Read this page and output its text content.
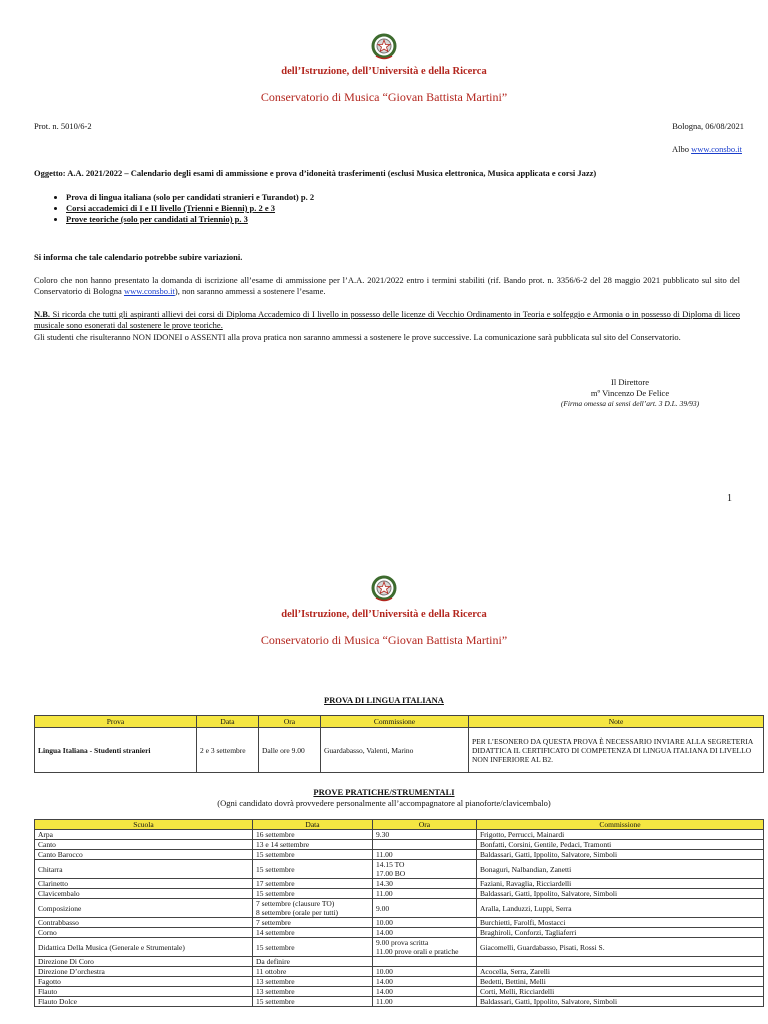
dell’Istruzione, dell’Università e della Ricerca
Conservatorio di Musica “Giovan Battista Martini”
Prot. n. 5010/6-2	Bologna, 06/08/2021
Albo www.consbo.it
Oggetto: A.A. 2021/2022 – Calendario degli esami di ammissione e prova d’idoneità trasferimenti (esclusi Musica elettronica, Musica applicata e corsi Jazz)
• Prova di lingua italiana (solo per candidati stranieri e Turandot) p. 2
• Corsi accademici di I e II livello (Trienni e Bienni) p. 2 e 3
• Prove teoriche (solo per candidati al Triennio) p. 3
Si informa che tale calendario potrebbe subire variazioni.
Coloro che non hanno presentato la domanda di iscrizione all’esame di ammissione per l’A.A. 2021/2022 entro i termini stabiliti (rif. Bando prot. n. 3356/6-2 del 28 maggio 2021 pubblicato sul sito del Conservatorio di Bologna www.consbo.it), non saranno ammessi a sostenere l’esame.
N.B. Si ricorda che tutti gli aspiranti allievi dei corsi di Diploma Accademico di I livello in possesso delle licenze di Vecchio Ordinamento in Teoria e solfeggio e Armonia o in possesso di Diploma di liceo musicale sono esonerati dal sostenere le prove teoriche.
Gli studenti che risulteranno NON IDONEI o ASSENTI alla prova pratica non saranno ammessi a sostenere le prove successive. La comunicazione sarà pubblicata sul sito del Conservatorio.
Il Direttore
mº Vincenzo De Felice
(Firma omessa ai sensi dell’art. 3 D.L. 39/93)
1
dell’Istruzione, dell’Università e della Ricerca
Conservatorio di Musica “Giovan Battista Martini”
PROVA DI LINGUA ITALIANA
Prova	Data	Ora	Commissione	Note
Lingua Italiana - Studenti stranieri	2 e 3 settembre	Dalle ore 9.00	Guardabasso, Valenti, Marino	PER L’ESONERO DA QUESTA PROVA È NECESSARIO INVIARE ALLA SEGRETERIA DIDATTICA IL CERTIFICATO DI COMPETENZA DI LINGUA ITALIANA DI LIVELLO NON INFERIORE AL B2.
PROVE PRATICHE/STRUMENTALI
(Ogni candidato dovrà provvedere personalmente all’accompagnatore al pianoforte/clavicembalo)
Scuola	Data	Ora	Commissione
Arpa	16 settembre	9.30	Frigotto, Perrucci, Mainardi
Canto	13 e 14 settembre		Bonfatti, Corsini, Gentile, Pedaci, Tramonti
Canto Barocco	15 settembre	11.00	Baldassari, Gatti, Ippolito, Salvatore, Simboli
Chitarra	15 settembre	14.15 TO
17.00 BO	Bonaguri, Nalbandian, Zanetti
Clarinetto	17 settembre	14.30	Faziani, Ravaglia, Ricciardelli
Clavicembalo	15 settembre	11.00	Baldassari, Gatti, Ippolito, Salvatore, Simboli
Composizione	7 settembre (clausure TO)
8 settembre (orale per tutti)	9.00	Aralla, Landuzzi, Luppi, Serra
Contrabbasso	7 settembre	10.00	Burchietti, Farolfi, Mostacci
Corno	14 settembre	14.00	Braghiroli, Conforzi, Tagliaferri
Didattica Della Musica (Generale e Strumentale)	15 settembre	9.00 prova scritta
11.00 prove orali e pratiche	Giacomelli, Guardabasso, Pisati, Rossi S.
Direzione Di Coro	Da definire		
Direzione D’orchestra	11 ottobre	10.00	Acocella, Serra, Zarelli
Fagotto	13 settembre	14.00	Bedetti, Bettini, Melli
Flauto	13 settembre	14.00	Corti, Melli, Ricciardelli
Flauto Dolce	15 settembre	11.00	Baldassari, Gatti, Ippolito, Salvatore, Simboli
